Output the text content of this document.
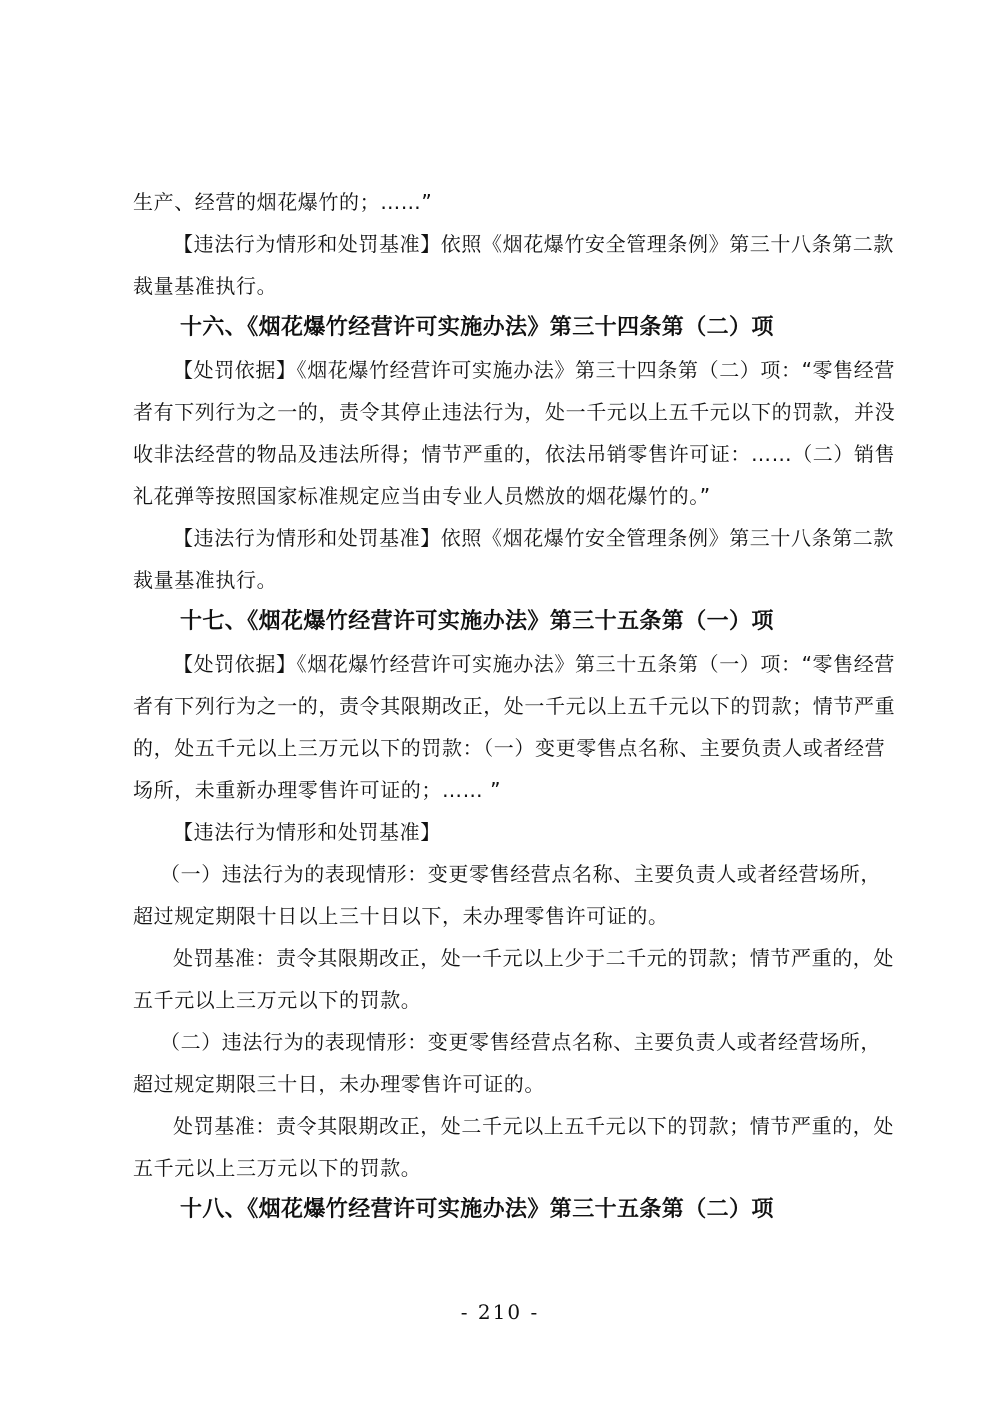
生产、经营的烟花爆竹的；……”
【违法行为情形和处罚基准】依照《烟花爆竹安全管理条例》第三十八条第二款
裁量基准执行。
十六、《烟花爆竹经营许可实施办法》第三十四条第（二）项
【处罚依据】《烟花爆竹经营许可实施办法》第三十四条第（二）项：“零售经营
者有下列行为之一的，责令其停止违法行为，处一千元以上五千元以下的罚款，并没
收非法经营的物品及违法所得；情节严重的，依法吊销零售许可证：……（二）销售
礼花弹等按照国家标准规定应当由专业人员燃放的烟花爆竹的。”
【违法行为情形和处罚基准】依照《烟花爆竹安全管理条例》第三十八条第二款
裁量基准执行。
十七、《烟花爆竹经营许可实施办法》第三十五条第（一）项
【处罚依据】《烟花爆竹经营许可实施办法》第三十五条第（一）项：“零售经营
者有下列行为之一的，责令其限期改正，处一千元以上五千元以下的罚款；情节严重
的，处五千元以上三万元以下的罚款：（一）变更零售点名称、主要负责人或者经营
场所，未重新办理零售许可证的；…… ”
【违法行为情形和处罚基准】
（一）违法行为的表现情形：变更零售经营点名称、主要负责人或者经营场所，
超过规定期限十日以上三十日以下，未办理零售许可证的。
处罚基准：责令其限期改正，处一千元以上少于二千元的罚款；情节严重的，处
五千元以上三万元以下的罚款。
（二）违法行为的表现情形：变更零售经营点名称、主要负责人或者经营场所，
超过规定期限三十日，未办理零售许可证的。
处罚基准：责令其限期改正，处二千元以上五千元以下的罚款；情节严重的，处
五千元以上三万元以下的罚款。
十八、《烟花爆竹经营许可实施办法》第三十五条第（二）项
- 210 -
